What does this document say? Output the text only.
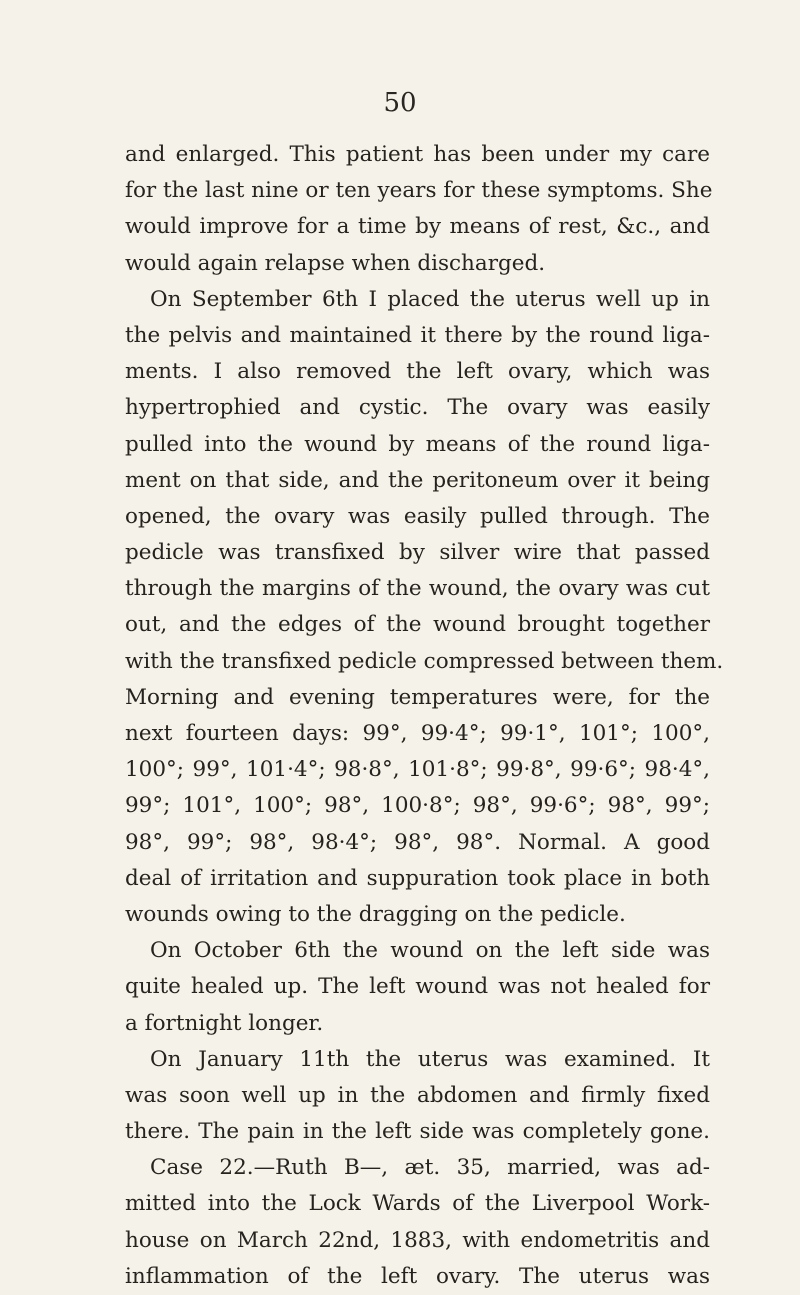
50
and enlarged. This patient has been under my care
for the last nine or ten years for these symptoms. She
would improve for a time by means of rest, &c., and
would again relapse when discharged.
On September 6th I placed the uterus well up in
the pelvis and maintained it there by the round liga-
ments. I also removed the left ovary, which was
hypertrophied and cystic. The ovary was easily
pulled into the wound by means of the round liga-
ment on that side, and the peritoneum over it being
opened, the ovary was easily pulled through. The
pedicle was transfixed by silver wire that passed
through the margins of the wound, the ovary was cut
out, and the edges of the wound brought together
with the transfixed pedicle compressed between them.
Morning and evening temperatures were, for the
next fourteen days: 99°, 99·4°; 99·1°, 101°; 100°,
100°; 99°, 101·4°; 98·8°, 101·8°; 99·8°, 99·6°; 98·4°,
99°; 101°, 100°; 98°, 100·8°; 98°, 99·6°; 98°, 99°;
98°, 99°; 98°, 98·4°; 98°, 98°. Normal. A good
deal of irritation and suppuration took place in both
wounds owing to the dragging on the pedicle.
On October 6th the wound on the left side was
quite healed up. The left wound was not healed for
a fortnight longer.
On January 11th the uterus was examined. It
was soon well up in the abdomen and firmly fixed
there. The pain in the left side was completely gone.
Case 22.—Ruth B—, æt. 35, married, was ad-
mitted into the Lock Wards of the Liverpool Work-
house on March 22nd, 1883, with endometritis and
inflammation of the left ovary. The uterus was
